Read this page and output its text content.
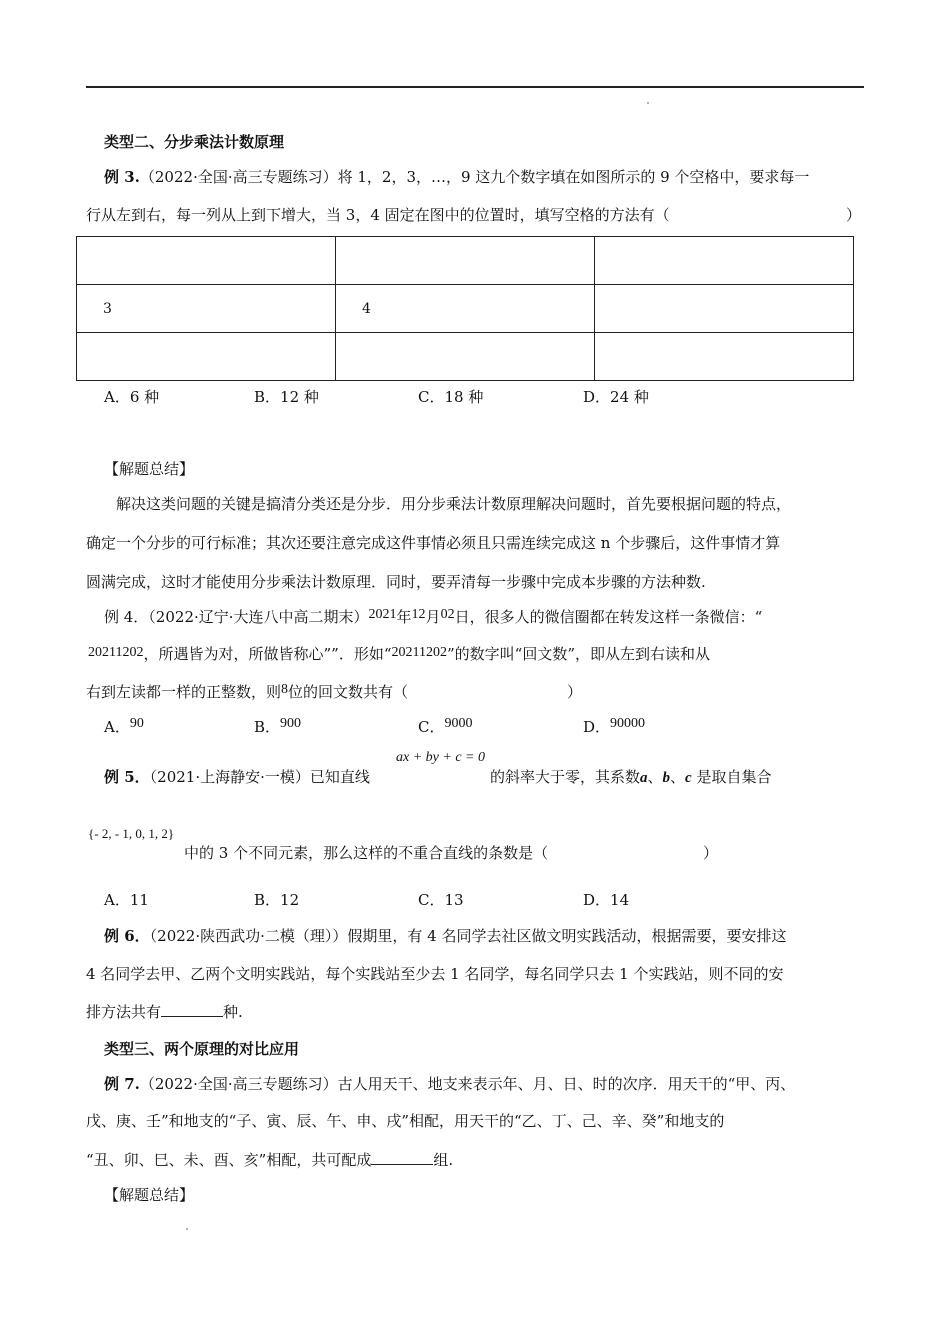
类型二、分步乘法计数原理
例 3.（2022·全国·高三专题练习）将 1，2，3，…，9 这九个数字填在如图所示的 9 个空格中，要求每一
行从左到右，每一列从上到下增大，当 3，4 固定在图中的位置时，填写空格的方法有（	）

3	4	

A．6 种	B．12 种	C．18 种	D．24 种
【解题总结】
解决这类问题的关键是搞清分类还是分步．用分步乘法计数原理解决问题时，首先要根据问题的特点，
确定一个分步的可行标准；其次还要注意完成这件事情必须且只需连续完成这 n 个步骤后，这件事情才算
圆满完成，这时才能使用分步乘法计数原理．同时，要弄清每一步骤中完成本步骤的方法种数.
例 4．（2022·辽宁·大连八中高二期末）2021年12月02日，很多人的微信圈都在转发这样一条微信：“
20211202，所遇皆为对，所做皆称心””．形如“20211202”的数字叫“回文数”，即从左到右读和从
右到左读都一样的正整数，则8位的回文数共有（	）
A．90	B．900	C．9000	D．90000
ax + by + c = 0
例 5．（2021·上海静安·一模）已知直线	的斜率大于零，其系数a、b、c 是取自集合
{- 2, - 1, 0, 1, 2}
中的 3 个不同元素，那么这样的不重合直线的条数是（	）
A．11	B．12	C．13	D．14
例 6．（2022·陕西武功·二模（理））假期里，有 4 名同学去社区做文明实践活动，根据需要，要安排这
4 名同学去甲、乙两个文明实践站，每个实践站至少去 1 名同学，每名同学只去 1 个实践站，则不同的安
排方法共有	种.
类型三、两个原理的对比应用
例 7.（2022·全国·高三专题练习）古人用天干、地支来表示年、月、日、时的次序．用天干的“甲、丙、
戊、庚、壬”和地支的“子、寅、辰、午、申、戌”相配，用天干的“乙、丁、己、辛、癸”和地支的
“丑、卯、巳、未、酉、亥”相配，共可配成	组.
【解题总结】
